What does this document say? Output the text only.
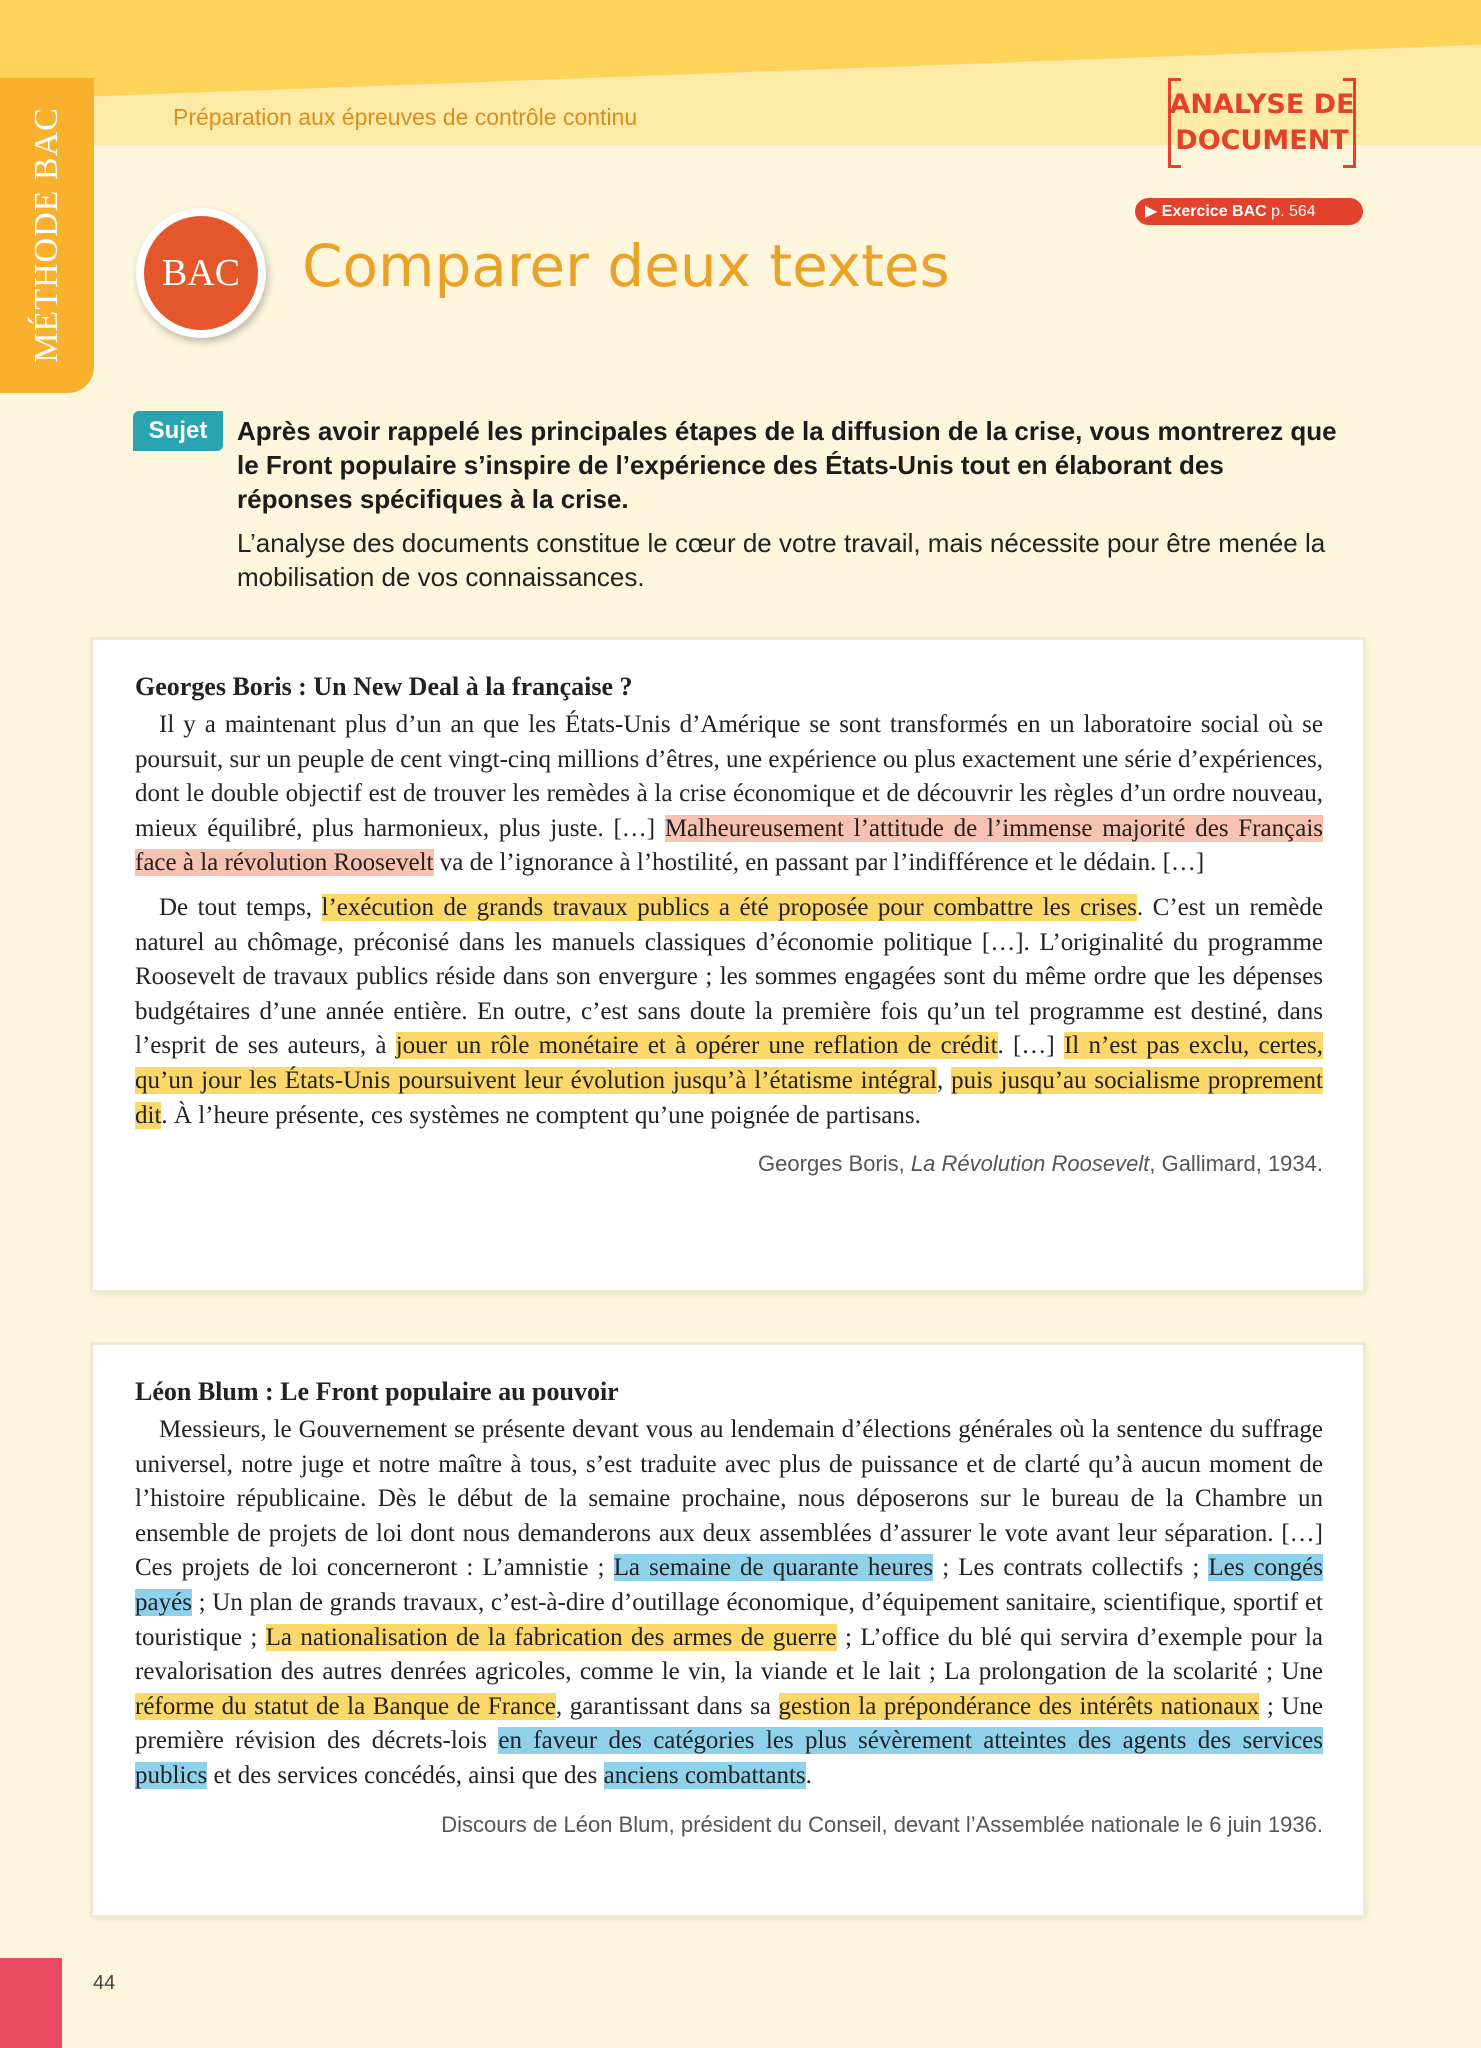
MÉTHODE BAC	Préparation aux épreuves de contrôle continu	ANALYSE DE
DOCUMENT
▶ Exercice BAC p. 564
BAC	Comparer deux textes
Sujet	Après avoir rappelé les principales étapes de la diffusion de la crise, vous montrerez que le Front populaire s’inspire de l’expérience des États-Unis tout en élaborant des réponses spécifiques à la crise.
L’analyse des documents constitue le cœur de votre travail, mais nécessite pour être menée la mobilisation de vos connaissances.

Georges Boris : Un New Deal à la française ?

Il y a maintenant plus d’un an que les États-Unis d’Amérique se sont transformés en un laboratoire social où se poursuit, sur un peuple de cent vingt-cinq millions d’êtres, une expérience ou plus exactement une série d’expériences, dont le double objectif est de trouver les remèdes à la crise économique et de découvrir les règles d’un ordre nouveau, mieux équilibré, plus harmonieux, plus juste. […] Malheureusement l’attitude de l’immense majorité des Français face à la révolution Roosevelt va de l’ignorance à l’hostilité, en passant par l’indifférence et le dédain. […]

De tout temps, l’exécution de grands travaux publics a été proposée pour combattre les crises. C’est un remède naturel au chômage, préconisé dans les manuels classiques d’économie politique […]. L’originalité du programme Roosevelt de travaux publics réside dans son envergure ; les sommes engagées sont du même ordre que les dépenses budgétaires d’une année entière. En outre, c’est sans doute la première fois qu’un tel programme est destiné, dans l’esprit de ses auteurs, à jouer un rôle monétaire et à opérer une reflation de crédit. […] Il n’est pas exclu, certes, qu’un jour les États-Unis poursuivent leur évolution jusqu’à l’étatisme intégral, puis jusqu’au socialisme proprement dit. À l’heure présente, ces systèmes ne comptent qu’une poignée de partisans.

Georges Boris, La Révolution Roosevelt, Gallimard, 1934.

Léon Blum : Le Front populaire au pouvoir

Messieurs, le Gouvernement se présente devant vous au lendemain d’élections générales où la sentence du suffrage universel, notre juge et notre maître à tous, s’est traduite avec plus de puissance et de clarté qu’à aucun moment de l’histoire républicaine. Dès le début de la semaine prochaine, nous déposerons sur le bureau de la Chambre un ensemble de projets de loi dont nous demanderons aux deux assemblées d’assurer le vote avant leur séparation. […] Ces projets de loi concerneront : L’amnistie ; La semaine de quarante heures ; Les contrats collectifs ; Les congés payés ; Un plan de grands travaux, c’est-à-dire d’outillage économique, d’équipement sanitaire, scientifique, sportif et touristique ; La nationalisation de la fabrication des armes de guerre ; L’office du blé qui servira d’exemple pour la revalorisation des autres denrées agricoles, comme le vin, la viande et le lait ; La prolongation de la scolarité ; Une réforme du statut de la Banque de France, garantissant dans sa gestion la prépondérance des intérêts nationaux ; Une première révision des décrets-lois en faveur des catégories les plus sévèrement atteintes des agents des services publics et des services concédés, ainsi que des anciens combattants.

Discours de Léon Blum, président du Conseil, devant l’Assemblée nationale le 6 juin 1936.
44
